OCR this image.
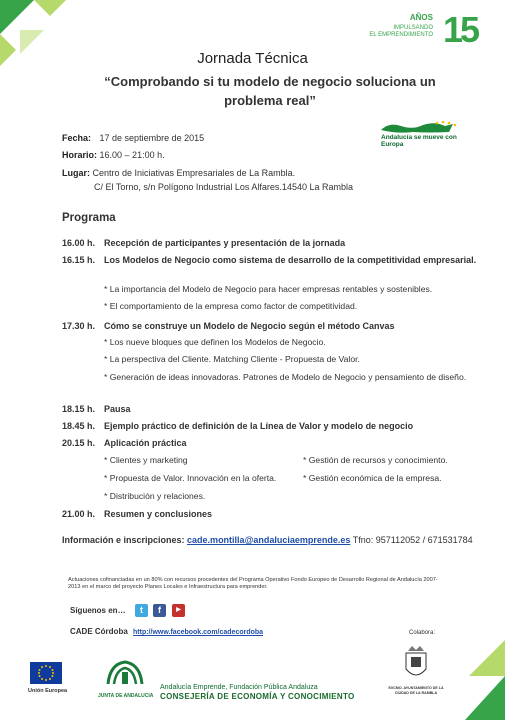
AÑOS
IMPULSANDO
EL EMPRENDIMIENTO 15
Jornada Técnica
“Comprobando si tu modelo de negocio soluciona un problema real”
Andalucía se mueve con Europa
Fecha: 17 de septiembre de 2015
Horario: 16.00 – 21:00 h.
Lugar: Centro de Iniciativas Empresariales de La Rambla.
C/ El Torno, s/n Polígono Industrial Los Alfares.14540 La Rambla
Programa
16.00 h. Recepción de participantes y presentación de la jornada
16.15 h. Los Modelos de Negocio como sistema de desarrollo de la competitividad empresarial.
* La importancia del Modelo de Negocio para hacer empresas rentables y sostenibles.
* El comportamiento de la empresa como factor de competitividad.
17.30 h. Cómo se construye un Modelo de Negocio según el método Canvas
* Los nueve bloques que definen los Modelos de Negocio.
* La perspectiva del Cliente. Matching Cliente - Propuesta de Valor.
* Generación de ideas innovadoras. Patrones de Modelo de Negocio y pensamiento de diseño.
18.15 h. Pausa
18.45 h. Ejemplo práctico de definición de la Línea de Valor y modelo de negocio
20.15 h. Aplicación práctica
* Clientes y marketing
* Propuesta de Valor. Innovación en la oferta.
* Distribución y relaciones.
* Gestión de recursos y conocimiento.
* Gestión económica de la empresa.
21.00 h. Resumen y conclusiones
Información e inscripciones: cade.montilla@andaluciaemprende.es Tfno: 957112052 / 671531784
Actuaciones cofinanciadas en un 80% con recursos procedentes del Programa Operativo Fondo Europeo de Desarrollo Regional de Andalucía 2007-2013 en el marco del proyecto Planes Locales e Infraestructura para emprender.
Síguenos en…	t	f	▶
CADE Córdoba http://www.facebook.com/cadecordoba	Colabora:
Unión Europea
JUNTA DE ANDALUCIA
Andalucía Emprende, Fundación Pública Andaluza
CONSEJERÍA DE ECONOMÍA Y CONOCIMIENTO
EXCMO. AYUNTAMIENTO DE LA CIUDAD DE LA RAMBLA
